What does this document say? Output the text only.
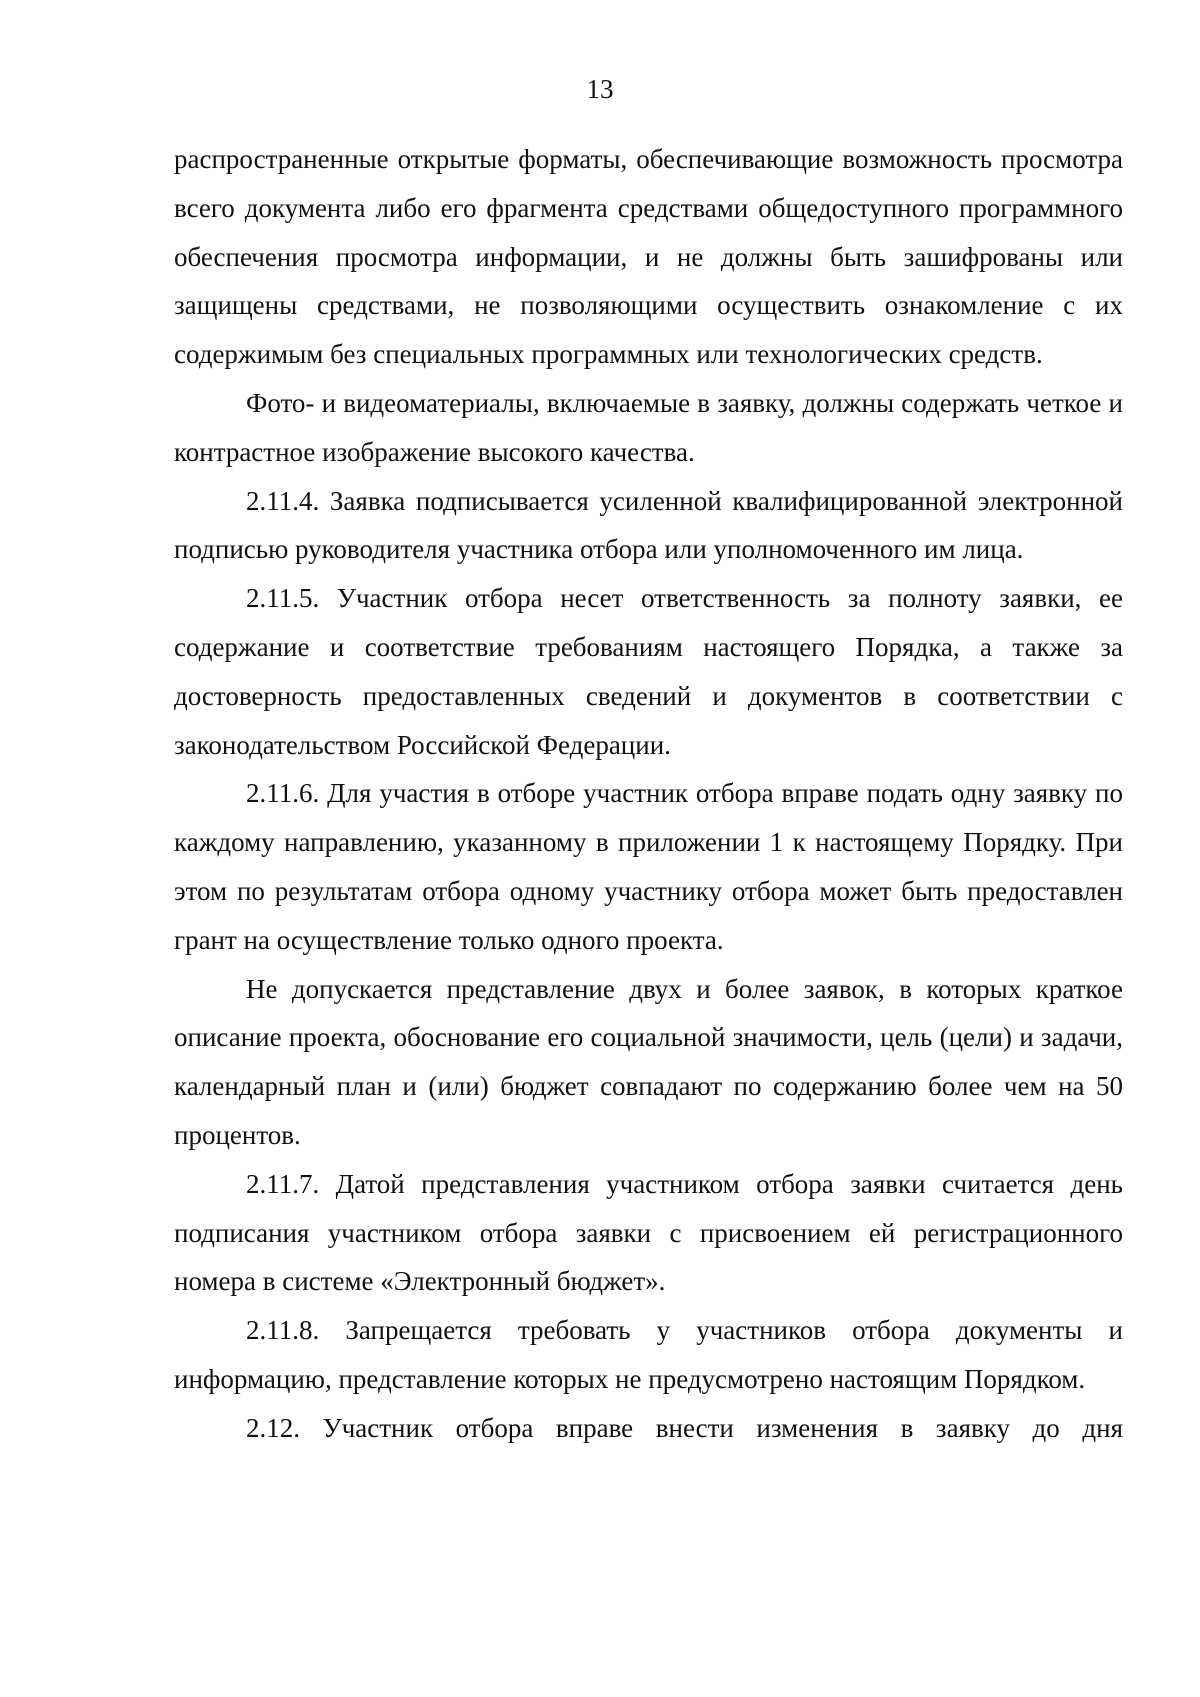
13

распространенные открытые форматы, обеспечивающие возможность просмотра всего документа либо его фрагмента средствами общедоступного программного обеспечения просмотра информации, и не должны быть зашифрованы или защищены средствами, не позволяющими осуществить ознакомление с их содержимым без специальных программных или технологических средств.

Фото- и видеоматериалы, включаемые в заявку, должны содержать четкое и контрастное изображение высокого качества.

2.11.4. Заявка подписывается усиленной квалифицированной электронной подписью руководителя участника отбора или уполномоченного им лица.

2.11.5. Участник отбора несет ответственность за полноту заявки, ее содержание и соответствие требованиям настоящего Порядка, а также за достоверность предоставленных сведений и документов в соответствии с законодательством Российской Федерации.

2.11.6. Для участия в отборе участник отбора вправе подать одну заявку по каждому направлению, указанному в приложении 1 к настоящему Порядку. При этом по результатам отбора одному участнику отбора может быть предоставлен грант на осуществление только одного проекта.

Не допускается представление двух и более заявок, в которых краткое описание проекта, обоснование его социальной значимости, цель (цели) и задачи, календарный план и (или) бюджет совпадают по содержанию более чем на 50 процентов.

2.11.7. Датой представления участником отбора заявки считается день подписания участником отбора заявки с присвоением ей регистрационного номера в системе «Электронный бюджет».

2.11.8. Запрещается требовать у участников отбора документы и информацию, представление которых не предусмотрено настоящим Порядком.

2.12. Участник отбора вправе внести изменения в заявку до дня
